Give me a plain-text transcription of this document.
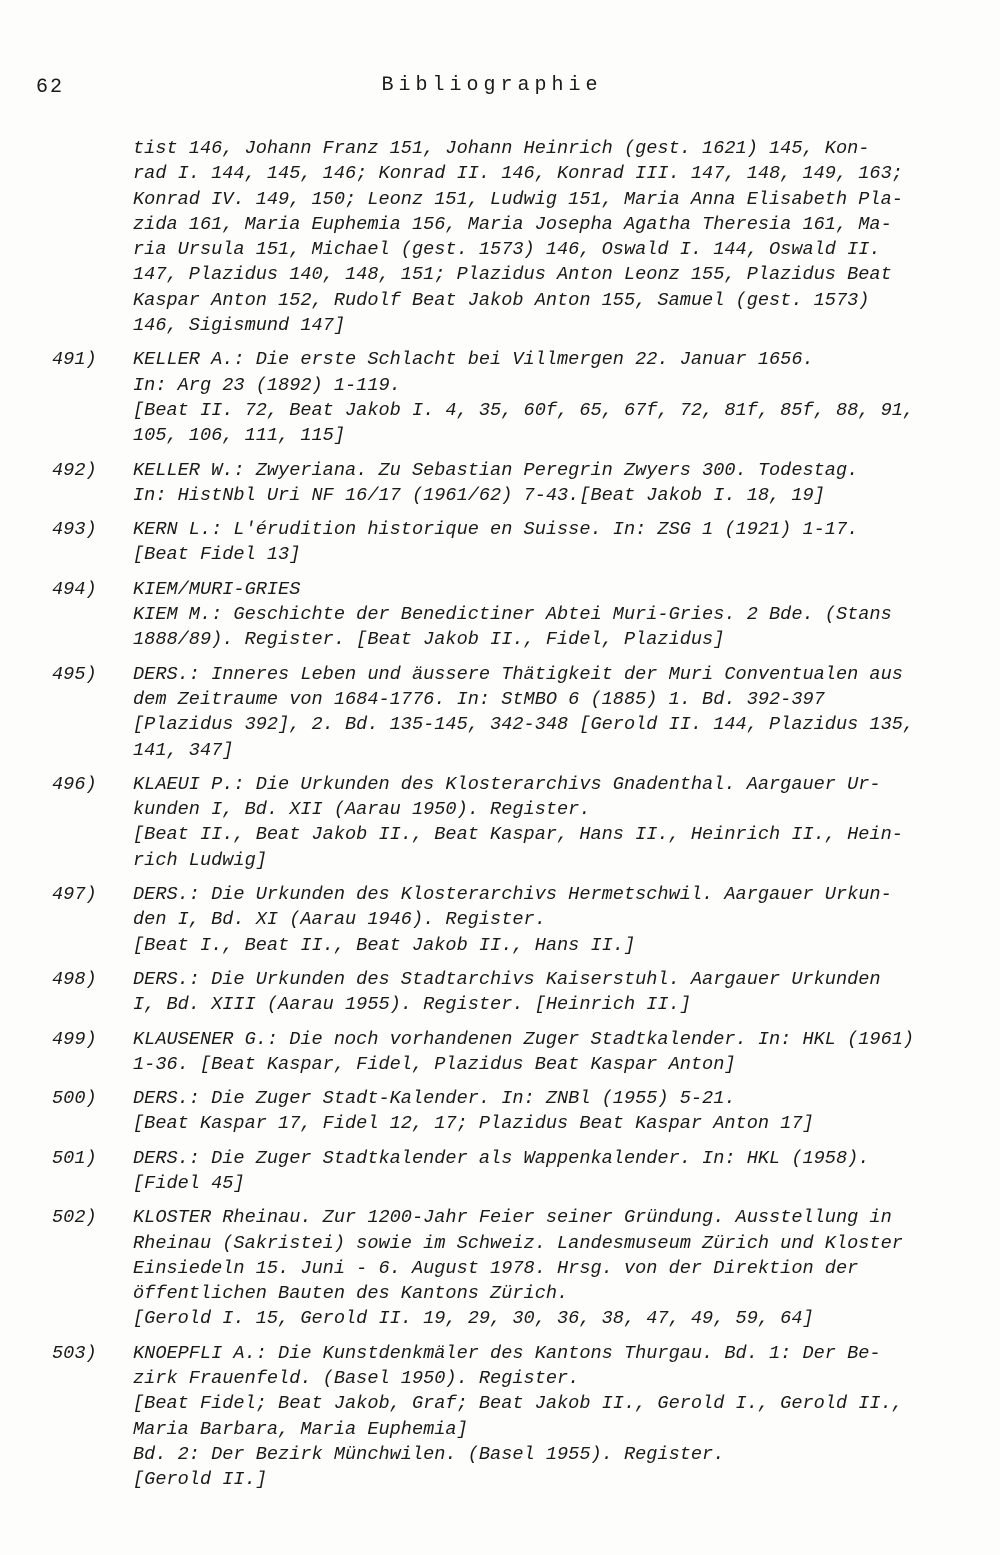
62	Bibliographie
tist 146, Johann Franz 151, Johann Heinrich (gest. 1621) 145, Kon-
rad I. 144, 145, 146; Konrad II. 146, Konrad III. 147, 148, 149, 163;
Konrad IV. 149, 150; Leonz 151, Ludwig 151, Maria Anna Elisabeth Pla-
zida 161, Maria Euphemia 156, Maria Josepha Agatha Theresia 161, Ma-
ria Ursula 151, Michael (gest. 1573) 146, Oswald I. 144, Oswald II.
147, Plazidus 140, 148, 151; Plazidus Anton Leonz 155, Plazidus Beat
Kaspar Anton 152, Rudolf Beat Jakob Anton 155, Samuel (gest. 1573)
146, Sigismund 147]
491)	KELLER A.: Die erste Schlacht bei Villmergen 22. Januar 1656.
In: Arg 23 (1892) 1-119.
[Beat II. 72, Beat Jakob I. 4, 35, 60f, 65, 67f, 72, 81f, 85f, 88, 91,
105, 106, 111, 115]
492)	KELLER W.: Zwyeriana. Zu Sebastian Peregrin Zwyers 300. Todestag.
In: HistNbl Uri NF 16/17 (1961/62) 7-43.[Beat Jakob I. 18, 19]
493)	KERN L.: L'érudition historique en Suisse. In: ZSG 1 (1921) 1-17.
[Beat Fidel 13]
494)	KIEM/MURI-GRIES
KIEM M.: Geschichte der Benedictiner Abtei Muri-Gries. 2 Bde. (Stans
1888/89). Register. [Beat Jakob II., Fidel, Plazidus]
495)	DERS.: Inneres Leben und äussere Thätigkeit der Muri Conventualen aus
dem Zeitraume von 1684-1776. In: StMBO 6 (1885) 1. Bd. 392-397
[Plazidus 392], 2. Bd. 135-145, 342-348 [Gerold II. 144, Plazidus 135,
141, 347]
496)	KLAEUI P.: Die Urkunden des Klosterarchivs Gnadenthal. Aargauer Ur-
kunden I, Bd. XII (Aarau 1950). Register.
[Beat II., Beat Jakob II., Beat Kaspar, Hans II., Heinrich II., Hein-
rich Ludwig]
497)	DERS.: Die Urkunden des Klosterarchivs Hermetschwil. Aargauer Urkun-
den I, Bd. XI (Aarau 1946). Register.
[Beat I., Beat II., Beat Jakob II., Hans II.]
498)	DERS.: Die Urkunden des Stadtarchivs Kaiserstuhl. Aargauer Urkunden
I, Bd. XIII (Aarau 1955). Register. [Heinrich II.]
499)	KLAUSENER G.: Die noch vorhandenen Zuger Stadtkalender. In: HKL (1961)
1-36. [Beat Kaspar, Fidel, Plazidus Beat Kaspar Anton]
500)	DERS.: Die Zuger Stadt-Kalender. In: ZNBl (1955) 5-21.
[Beat Kaspar 17, Fidel 12, 17; Plazidus Beat Kaspar Anton 17]
501)	DERS.: Die Zuger Stadtkalender als Wappenkalender. In: HKL (1958).
[Fidel 45]
502)	KLOSTER Rheinau. Zur 1200-Jahr Feier seiner Gründung. Ausstellung in
Rheinau (Sakristei) sowie im Schweiz. Landesmuseum Zürich und Kloster
Einsiedeln 15. Juni - 6. August 1978. Hrsg. von der Direktion der
öffentlichen Bauten des Kantons Zürich.
[Gerold I. 15, Gerold II. 19, 29, 30, 36, 38, 47, 49, 59, 64]
503)	KNOEPFLI A.: Die Kunstdenkmäler des Kantons Thurgau. Bd. 1: Der Be-
zirk Frauenfeld. (Basel 1950). Register.
[Beat Fidel; Beat Jakob, Graf; Beat Jakob II., Gerold I., Gerold II.,
Maria Barbara, Maria Euphemia]
Bd. 2: Der Bezirk Münchwilen. (Basel 1955). Register.
[Gerold II.]
